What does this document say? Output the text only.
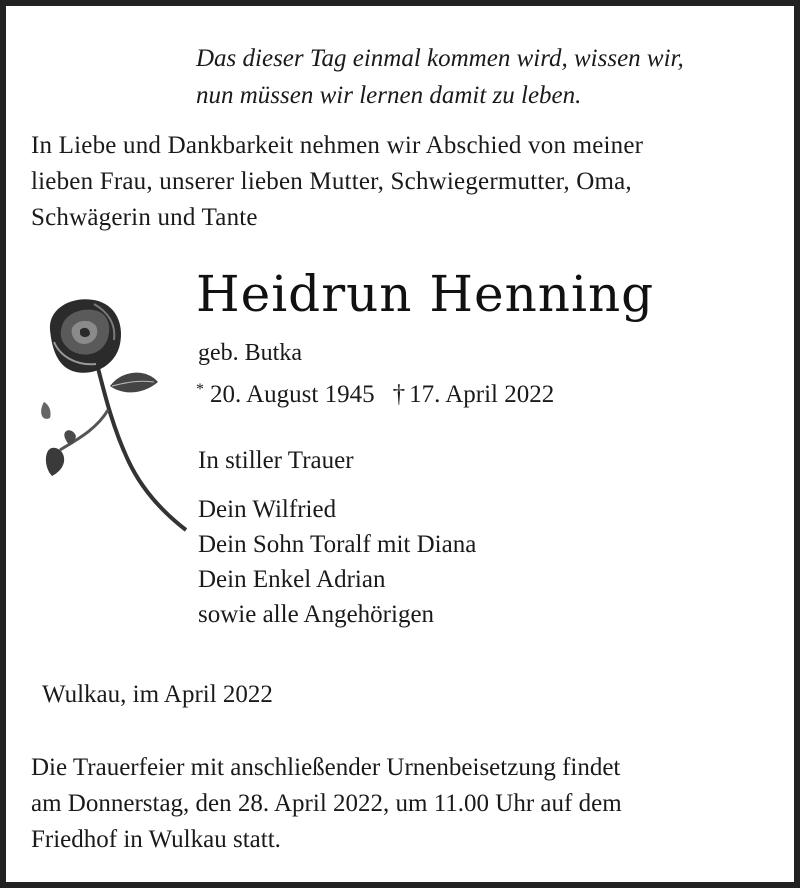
Das dieser Tag einmal kommen wird, wissen wir,
nun müssen wir lernen damit zu leben.
In Liebe und Dankbarkeit nehmen wir Abschied von meiner
lieben Frau, unserer lieben Mutter, Schwiegermutter, Oma,
Schwägerin und Tante
Heidrun Henning
geb. Butka
* 20. August 1945 † 17. April 2022
In stiller Trauer
Dein Wilfried
Dein Sohn Toralf mit Diana
Dein Enkel Adrian
sowie alle Angehörigen
Wulkau, im April 2022
Die Trauerfeier mit anschließender Urnenbeisetzung findet
am Donnerstag, den 28. April 2022, um 11.00 Uhr auf dem
Friedhof in Wulkau statt.
